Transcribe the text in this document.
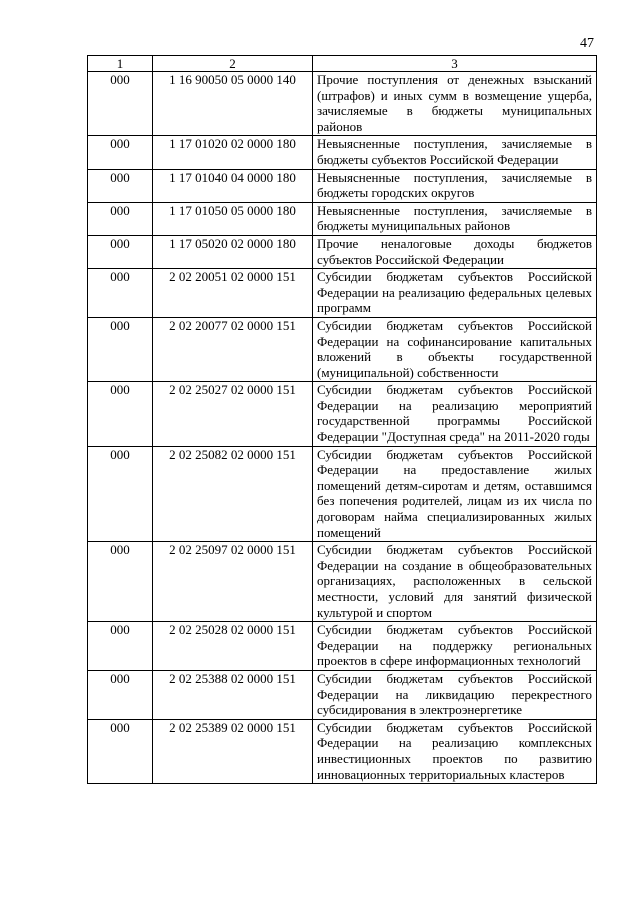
47
1	2	3
000	1 16 90050 05 0000 140	Прочие поступления от денежных взысканий (штрафов) и иных сумм в возмещение ущерба, зачисляемые в бюджеты муниципальных районов
000	1 17 01020 02 0000 180	Невыясненные поступления, зачисляемые в бюджеты субъектов Российской Федерации
000	1 17 01040 04 0000 180	Невыясненные поступления, зачисляемые в бюджеты городских округов
000	1 17 01050 05 0000 180	Невыясненные поступления, зачисляемые в бюджеты муниципальных районов
000	1 17 05020 02 0000 180	Прочие неналоговые доходы бюджетов субъектов Российской Федерации
000	2 02 20051 02 0000 151	Субсидии бюджетам субъектов Российской Федерации на реализацию федеральных целевых программ
000	2 02 20077 02 0000 151	Субсидии бюджетам субъектов Российской Федерации на софинансирование капитальных вложений в объекты государственной (муниципальной) собственности
000	2 02 25027 02 0000 151	Субсидии бюджетам субъектов Российской Федерации на реализацию мероприятий государственной программы Российской Федерации "Доступная среда" на 2011-2020 годы
000	2 02 25082 02 0000 151	Субсидии бюджетам субъектов Российской Федерации на предоставление жилых помещений детям-сиротам и детям, оставшимся без попечения родителей, лицам из их числа по договорам найма специализированных жилых помещений
000	2 02 25097 02 0000 151	Субсидии бюджетам субъектов Российской Федерации на создание в общеобразовательных организациях, расположенных в сельской местности, условий для занятий физической культурой и спортом
000	2 02 25028 02 0000 151	Субсидии бюджетам субъектов Российской Федерации на поддержку региональных проектов в сфере информационных технологий
000	2 02 25388 02 0000 151	Субсидии бюджетам субъектов Российской Федерации на ликвидацию перекрестного субсидирования в электроэнергетике
000	2 02 25389 02 0000 151	Субсидии бюджетам субъектов Российской Федерации на реализацию комплексных инвестиционных проектов по развитию инновационных территориальных кластеров
